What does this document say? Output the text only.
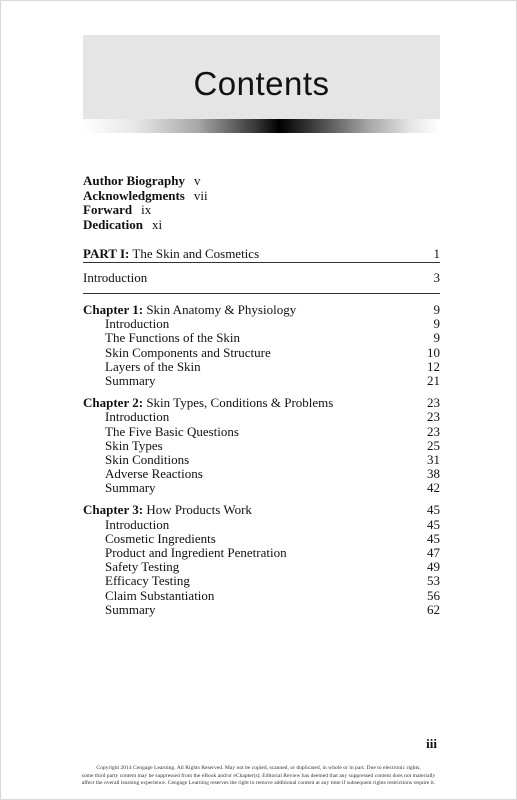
Contents
Author Biography v
Acknowledgments vii
Forward ix
Dedication xi
PART I: The Skin and Cosmetics	1
Introduction	3
Chapter 1: Skin Anatomy & Physiology	9
Introduction	9
The Functions of the Skin	9
Skin Components and Structure	10
Layers of the Skin	12
Summary	21
Chapter 2: Skin Types, Conditions & Problems	23
Introduction	23
The Five Basic Questions	23
Skin Types	25
Skin Conditions	31
Adverse Reactions	38
Summary	42
Chapter 3: How Products Work	45
Introduction	45
Cosmetic Ingredients	45
Product and Ingredient Penetration	47
Safety Testing	49
Efficacy Testing	53
Claim Substantiation	56
Summary	62
iii
Copyright 2014 Cengage Learning. All Rights Reserved. May not be copied, scanned, or duplicated, in whole or in part. Due to electronic rights,
some third party content may be suppressed from the eBook and/or eChapter(s). Editorial Review has deemed that any suppressed content does not materially
affect the overall learning experience. Cengage Learning reserves the right to remove additional content at any time if subsequent rights restrictions require it.
